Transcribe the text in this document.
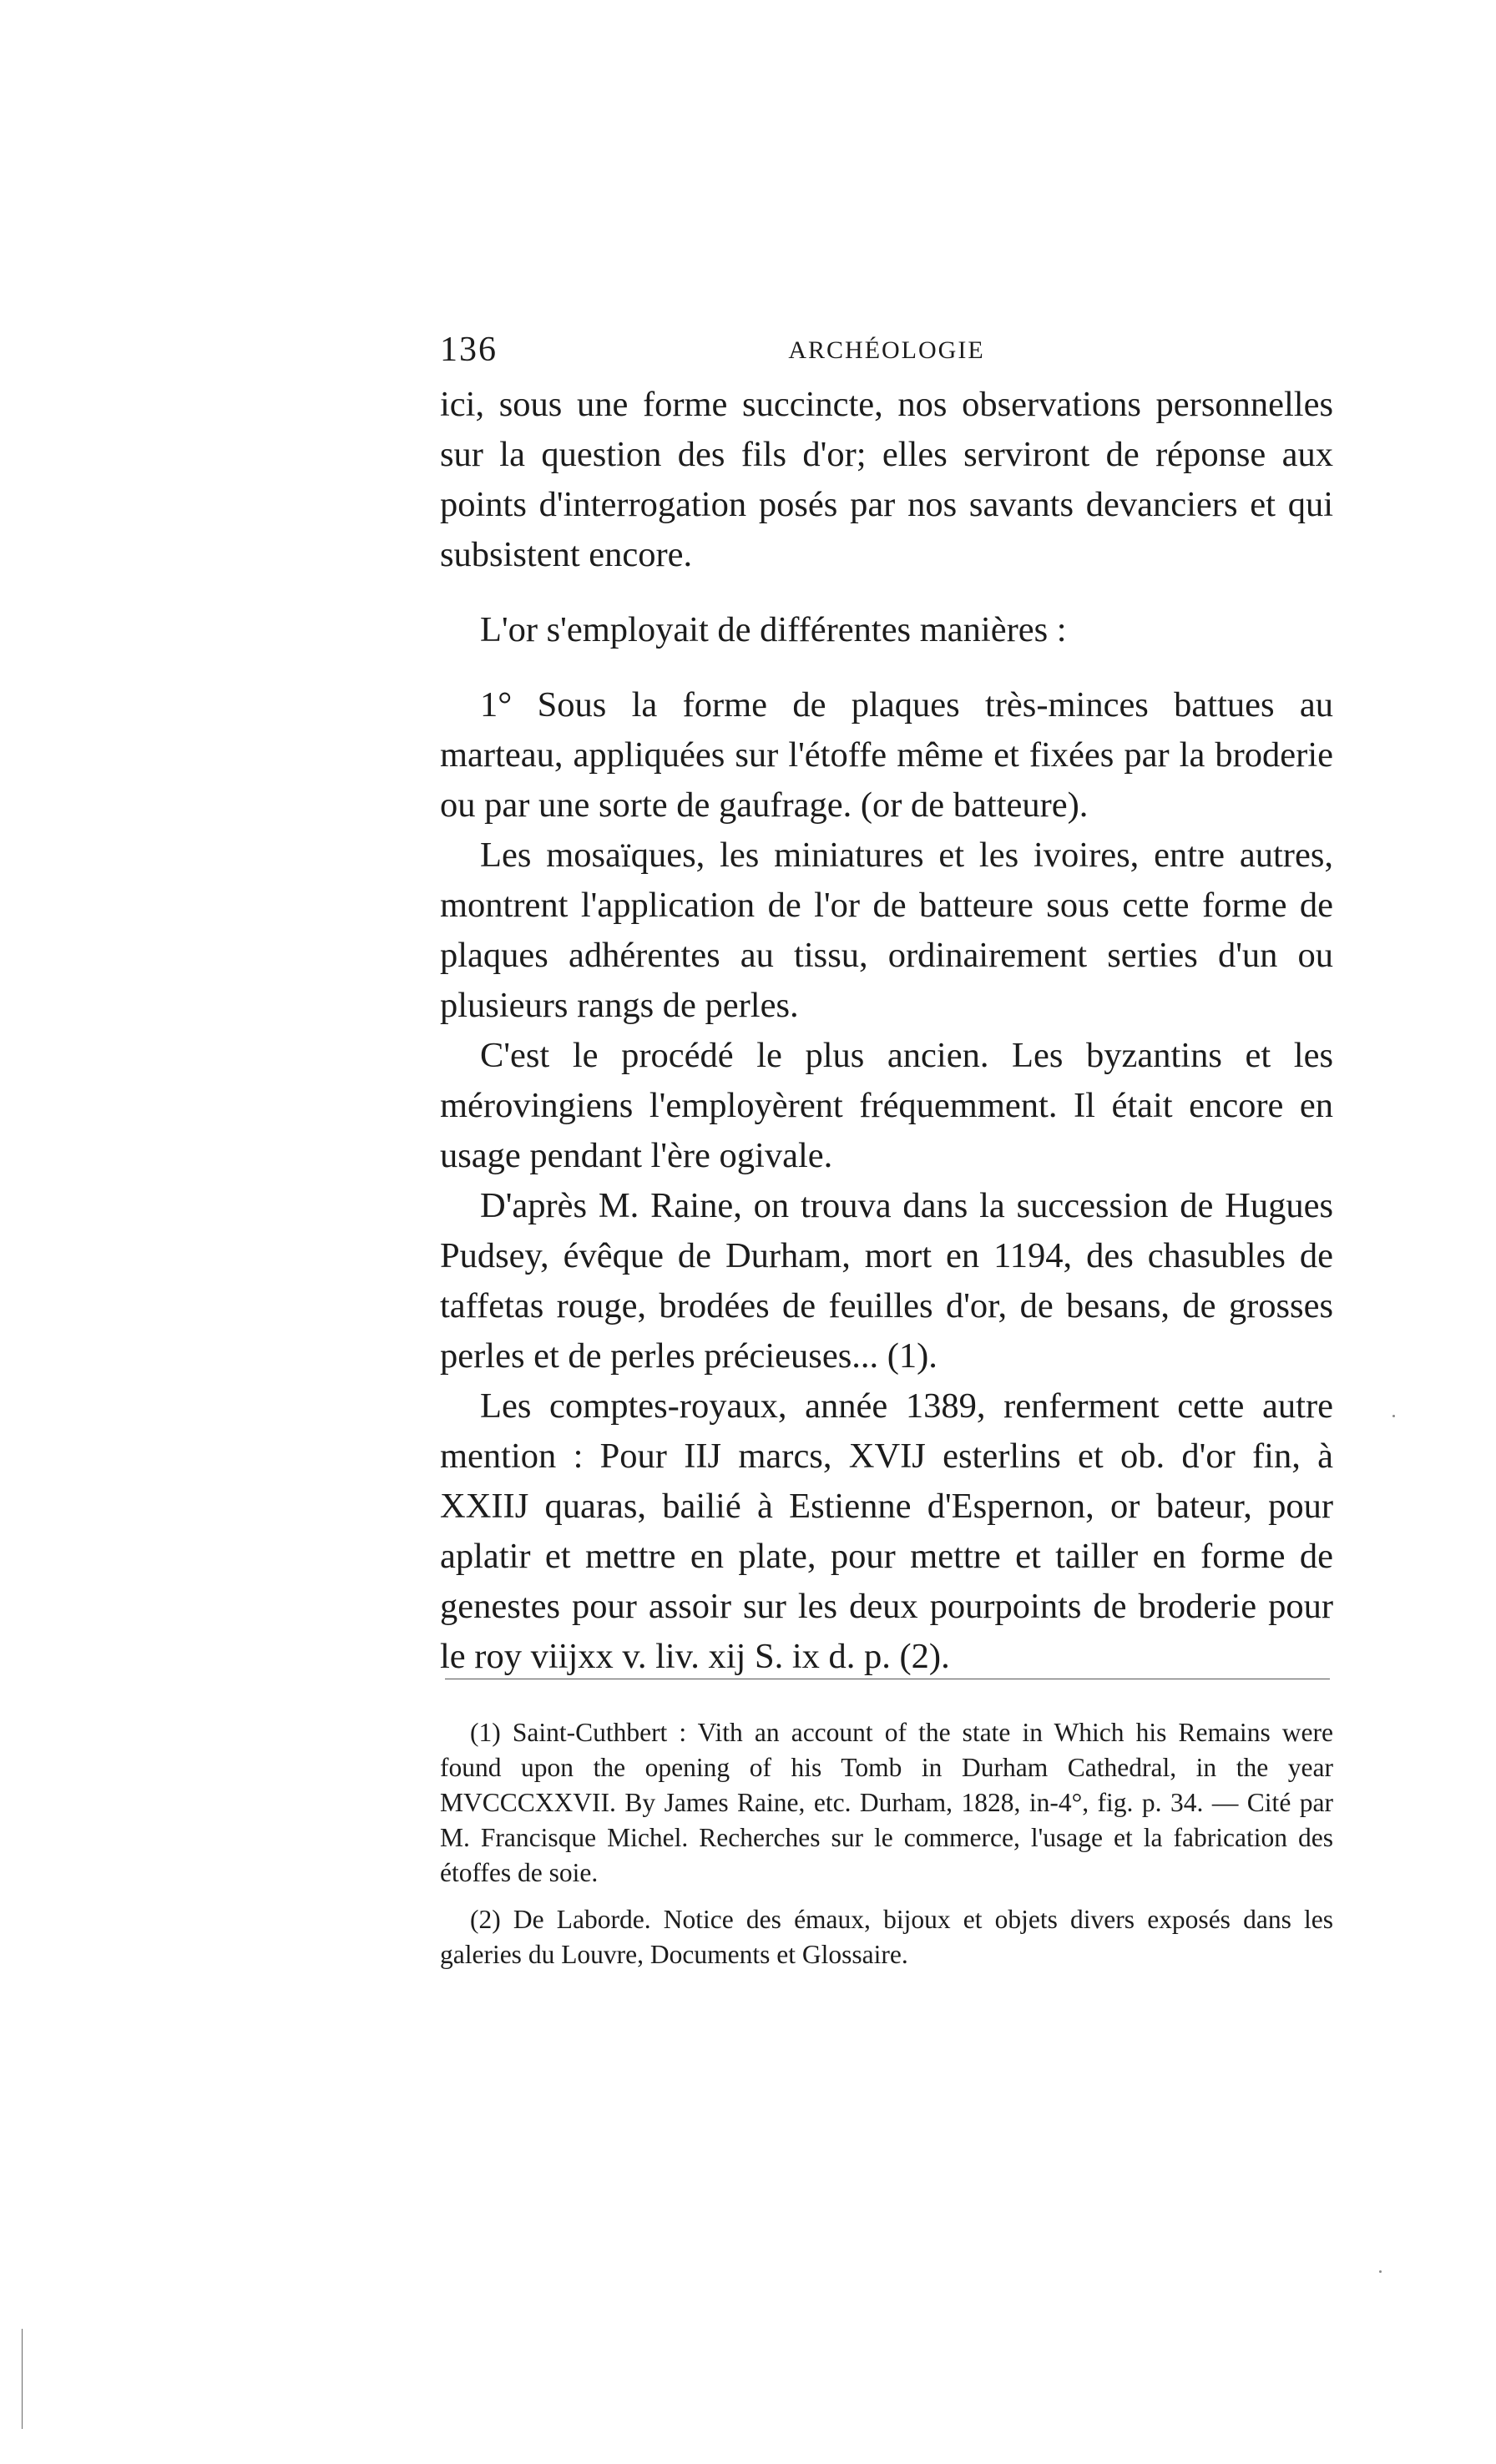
136	ARCHÉOLOGIE

ici, sous une forme succincte, nos observations personnelles sur la question des fils d'or; elles serviront de réponse aux points d'interrogation posés par nos savants devanciers et qui subsistent encore.

L'or s'employait de différentes manières :

1° Sous la forme de plaques très-minces battues au marteau, appliquées sur l'étoffe même et fixées par la broderie ou par une sorte de gaufrage. (or de batteure).

Les mosaïques, les miniatures et les ivoires, entre autres, montrent l'application de l'or de batteure sous cette forme de plaques adhérentes au tissu, ordinairement serties d'un ou plusieurs rangs de perles.

C'est le procédé le plus ancien. Les byzantins et les mérovingiens l'employèrent fréquemment. Il était encore en usage pendant l'ère ogivale.

D'après M. Raine, on trouva dans la succession de Hugues Pudsey, évêque de Durham, mort en 1194, des chasubles de taffetas rouge, brodées de feuilles d'or, de besans, de grosses perles et de perles précieuses... (1).

Les comptes-royaux, année 1389, renferment cette autre mention : Pour IIJ marcs, XVIJ esterlins et ob. d'or fin, à XXIIJ quaras, bailié à Estienne d'Espernon, or bateur, pour aplatir et mettre en plate, pour mettre et tailler en forme de genestes pour assoir sur les deux pourpoints de broderie pour le roy viijxx v. liv. xij S. ix d. p. (2).

(1) Saint-Cuthbert : Vith an account of the state in Which his Remains were found upon the opening of his Tomb in Durham Cathedral, in the year MVCCCXXVII. By James Raine, etc. Durham, 1828, in-4°, fig. p. 34. — Cité par M. Francisque Michel. Recherches sur le commerce, l'usage et la fabrication des étoffes de soie.

(2) De Laborde. Notice des émaux, bijoux et objets divers exposés dans les galeries du Louvre, Documents et Glossaire.
